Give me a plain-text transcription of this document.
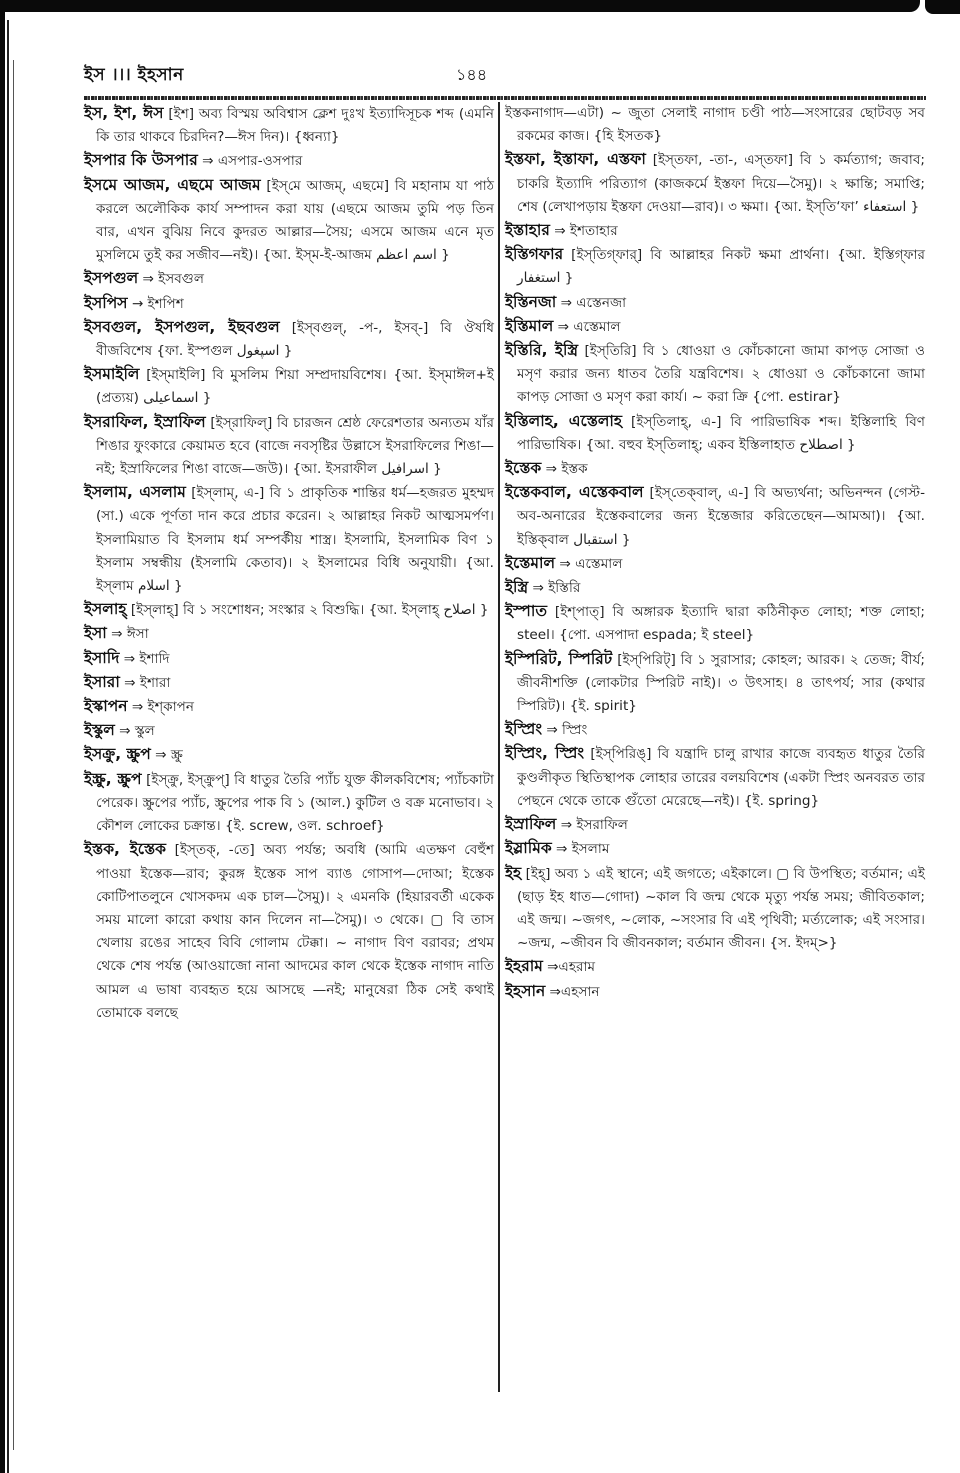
ইস ।।। ইহসান	১৪৪

ইস, ইশ, ঈস [ইশ] অব্য বিস্ময় অবিশ্বাস ক্লেশ দুঃখ ইত্যাদিসূচক শব্দ (এমনি কি তার থাকবে চিরদিন?—ঈস দিন)। {ধ্বন্যা}

ইসপার কি উসপার ⇒ এসপার-ওসপার

ইসমে আজম, এছমে আজম [ইস্‌মে আজম্‌, এছমে] বি মহানাম যা পাঠ করলে অলৌকিক কার্য সম্পাদন করা যায় (এছমে আজম তুমি পড় তিন বার, এখন বুঝিয় নিবে কুদরত আল্লার—সৈয়; এসমে আজম এনে মৃত মুসলিমে তুই কর সজীব—নই)। {আ. ইস্‌ম-ই-আজম اسم اعظم }

ইসপগুল ⇒ ইসবগুল

ইসপিস → ইশপিশ

ইসবগুল, ইসপগুল, ইছবগুল [ইস্‌বগুল্‌, -প-, ইসব্‌-] বি ঔষধি বীজবিশেষ {ফা. ইস্পগুল اسپغول }

ইসমাইলি [ইস্‌মাইলি] বি মুসলিম শিয়া সম্প্রদায়বিশেষ। {আ. ইস্‌মাঈল+ই (প্রত্যয়) اسماعیلی }

ইসরাফিল, ইস্রাফিল [ইস্‌রাফিল্‌] বি চারজন শ্রেষ্ঠ ফেরেশতার অন্যতম যাঁর শিঙার ফুংকারে কেয়ামত হবে (বাজে নবসৃষ্টির উল্লাসে ইসরাফিলের শিঙা—নই; ইস্রাফিলের শিঙা বাজে—জউ)। {আ. ইসরাফীল اسرافیل }

ইসলাম, এসলাম [ইস্‌লাম্‌, এ-] বি ১ প্রাকৃতিক শান্তির ধর্ম—হজরত মুহম্মদ (সা.) একে পূর্ণতা দান করে প্রচার করেন। ২ আল্লাহর নিকট আত্মসমর্পণ। ইসলামিয়াত বি ইসলাম ধর্ম সম্পর্কীয় শাস্ত্র। ইসলামি, ইসলামিক বিণ ১ ইসলাম সম্বন্ধীয় (ইসলামি কেতাব)। ২ ইসলামের বিধি অনুযায়ী। {আ. ইস্‌লাম اسلام }

ইসলাহ্‌ [ইস্‌লাহ্‌] বি ১ সংশোধন; সংস্কার ২ বিশুদ্ধি। {আ. ইস্‌লাহ্‌ اصلاح }

ইসা ⇒ ঈসা

ইসাদি ⇒ ইশাদি

ইসারা ⇒ ইশারা

ইস্কাপন ⇒ ইশ্‌কাপন

ইস্কুল ⇒ স্কুল

ইসক্রু, স্ক্রুপ ⇒ স্ক্রু

ইস্ক্রু, স্ক্রুপ [ইস্‌ক্রু, ইস্‌ক্রুপ্‌] বি ধাতুর তৈরি প্যাঁচ যুক্ত কীলকবিশেষ; প্যাঁচকাটা পেরেক। স্ক্রুপের প্যাঁচ, স্ক্রুপের পাক বি ১ (আল.) কুটিল ও বক্র মনোভাব। ২ কৌশল লোকের চক্রান্ত। {ই. screw, ওল. schroef}

ইস্তক, ইস্তেক [ইস্‌তক্‌, -তে] অব্য পর্যন্ত; অবধি (আমি এতক্ষণ বেহুঁশ পাওয়া ইস্তেক—রাব; কুরঙ্গ ইস্তেক সাপ ব্যাঙ গোসাপ—দোআ; ইস্তেক কোটিপাতলুনে খোসকদম এক চাল—সৈমু)। ২ এমনকি (হিয়ারবর্তী একেক সময় মালো কারো কথায় কান দিলেন না—সৈমু)। ৩ থেকে। ▢ বি তাস খেলায় রঙের সাহেব বিবি গোলাম টেক্কা। ~ নাগাদ বিণ বরাবর; প্রথম থেকে শেষ পর্যন্ত (আওয়াজো নানা আদমের কাল থেকে ইস্তেক নাগাদ নাতি আমল এ ভাষা ব্যবহৃত হয়ে আসছে —নই; মানুষেরা ঠিক সেই কথাই তোমাকে বলছে

ইস্তকনাগাদ—এটা) ~ জুতা সেলাই নাগাদ চণ্ডী পাঠ—সংসারের ছোটবড় সব রকমের কাজ। {হি ইসতক}

ইস্তফা, ইস্তাফা, এস্তফা [ইস্‌তফা, -তা-, এস্‌তফা] বি ১ কর্মত্যাগ; জবাব; চাকরি ইত্যাদি পরিত্যাগ (কাজকর্মে ইস্তফা দিয়ে—সৈমু)। ২ ক্ষান্তি; সমাপ্তি; শেষ (লেখাপড়ায় ইস্তফা দেওয়া—রাব)। ৩ ক্ষমা। {আ. ইস্‌তি‘ফা’ استعفاء }

ইস্তাহার ⇒ ইশতাহার

ইস্তিগফার [ইস্‌তিগ্‌ফার্‌] বি আল্লাহর নিকট ক্ষমা প্রার্থনা। {আ. ইস্তিগ্‌ফার استغفار }

ইস্তিনজা ⇒ এস্তেনজা

ইস্তিমাল ⇒ এস্তেমাল

ইস্তিরি, ইস্ত্রি [ইস্‌তিরি] বি ১ ধোওয়া ও কোঁচকানো জামা কাপড় সোজা ও মসৃণ করার জন্য ধাতব তৈরি যন্ত্রবিশেষ। ২ ধোওয়া ও কোঁচকানো জামা কাপড় সোজা ও মসৃণ করা কার্য। ~ করা ক্রি {পো. estirar}

ইস্তিলাহ, এস্তেলাহ [ইস্‌তিলাহ্‌, এ-] বি পারিভাষিক শব্দ। ইস্তিলাহি বিণ পারিভাষিক। {আ. বহুব ইস্‌তিলাহ্‌; একব ইস্তিলাহাত اصطلاح }

ইস্তেক ⇒ ইস্তক

ইস্তেকবাল, এস্তেকবাল [ইস্‌তেক্‌বাল্‌, এ-] বি অভ্যর্থনা; অভিনন্দন (গেস্ট-অব-অনারের ইস্তেকবালের জন্য ইন্তেজার করিতেছেন—আমআ)। {আ. ইস্তিক্‌বাল استقبال }

ইস্তেমাল ⇒ এস্তেমাল

ইস্ত্রি ⇒ ইস্তিরি

ইস্পাত [ইশ্‌পাত্‌] বি অঙ্গারক ইত্যাদি দ্বারা কঠিনীকৃত লোহা; শক্ত লোহা; steel। {পো. এসপাদা espada; ই steel}

ইস্পিরিট, স্পিরিট [ইস্‌পিরিট্‌] বি ১ সুরাসার; কোহল; আরক। ২ তেজ; বীর্য; জীবনীশক্তি (লোকটার স্পিরিট নাই)। ৩ উৎসাহ। ৪ তাৎপর্য; সার (কথার স্পিরিট)। {ই. spirit}

ইস্প্রিং ⇒ স্প্রিং

ইস্প্রিং, স্প্রিং [ইস্‌পিরিঙ্‌] বি যন্ত্রাদি চালু রাখার কাজে ব্যবহৃত ধাতুর তৈরি কুণ্ডলীকৃত স্থিতিস্থাপক লোহার তারের বলয়বিশেষ (একটা স্প্রিং অনবরত তার পেছনে থেকে তাকে গুঁতো মেরেছে—নই)। {ই. spring}

ইস্রাফিল ⇒ ইসরাফিল

ইস্লামিক ⇒ ইসলাম

ইহ [ইহ্‌] অব্য ১ এই স্থানে; এই জগতে; এইকালে। ▢ বি উপস্থিত; বর্তমান; এই (ছাড় ইহ ধাত—গোদা) ~কাল বি জন্ম থেকে মৃত্যু পর্যন্ত সময়; জীবিতকাল; এই জন্ম। ~জগৎ, ~লোক, ~সংসার বি এই পৃথিবী; মর্ত্যলোক; এই সংসার। ~জন্ম, ~জীবন বি জীবনকাল; বর্তমান জীবন। {স. ইদম্‌>}

ইহরাম ⇒এহরাম

ইহসান ⇒এহসান
